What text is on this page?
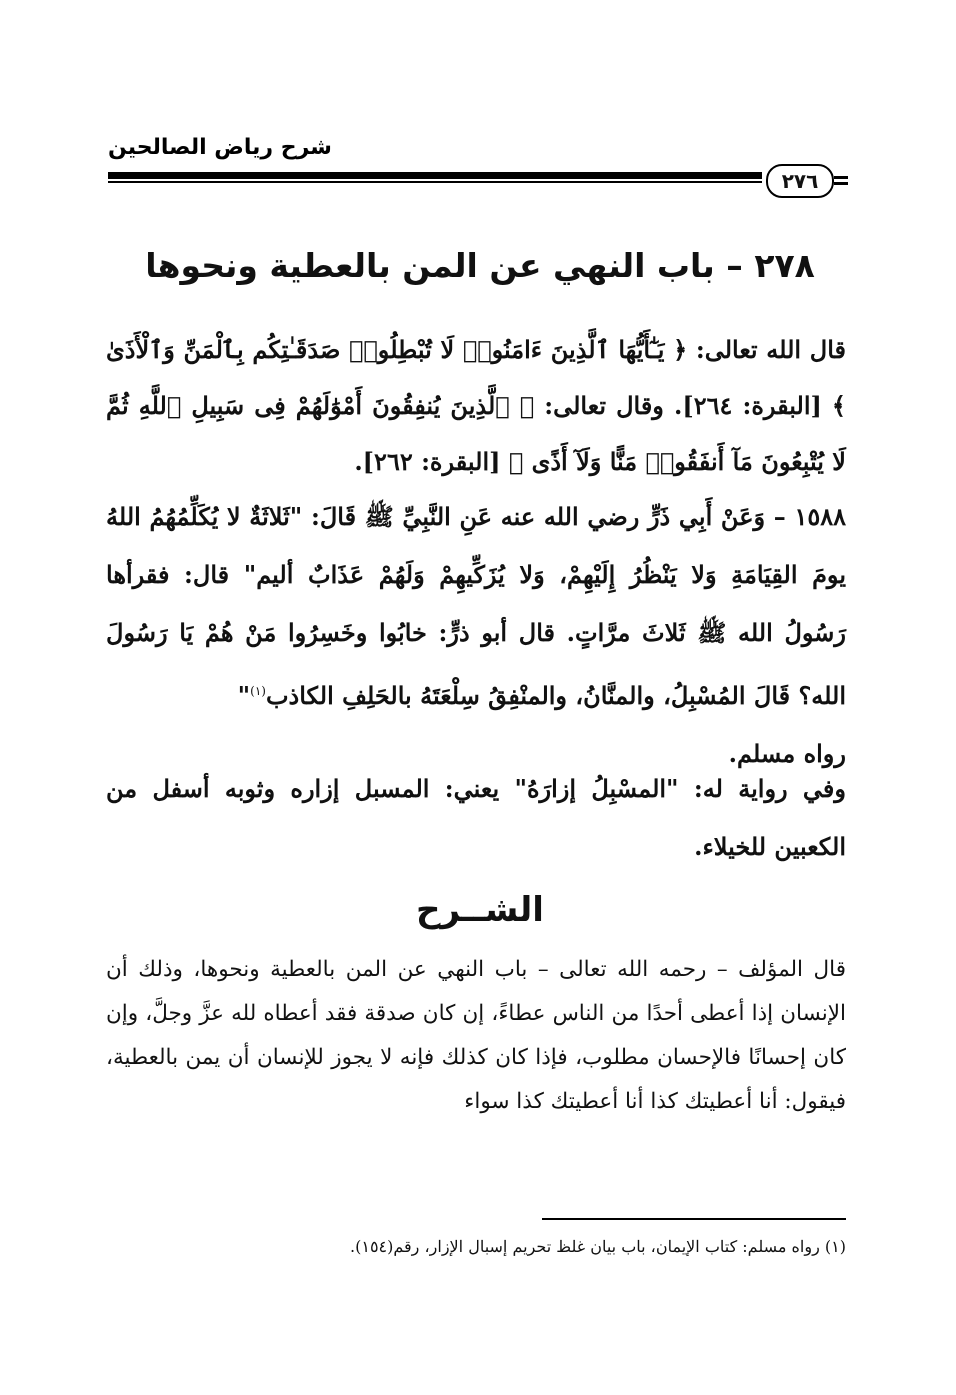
شرح رياض الصالحين
٢٧٦
٢٧٨ – باب النهي عن المن بالعطية ونحوها

قال الله تعالى: ﴿ يَـٰٓأَيُّهَا ٱلَّذِينَ ءَامَنُوا۟ لَا تُبْطِلُوا۟ صَدَقَـٰتِكُم بِٱلْمَنِّ وَٱلْأَذَىٰ ﴾ [البقرة: ٢٦٤]. وقال تعالى: ﴿ ٱلَّذِينَ يُنفِقُونَ أَمْوَٰلَهُمْ فِى سَبِيلِ ٱللَّهِ ثُمَّ لَا يُتْبِعُونَ مَآ أَنفَقُوا۟ مَنًّا وَلَآ أَذًى ﴾ [البقرة: ٢٦٢].

١٥٨٨ – وَعَنْ أَبِي ذَرٍّ رضي الله عنه عَنِ النَّبِيِّ ﷺ قَالَ: "ثَلاثَةٌ لا يُكَلِّمُهُمُ اللهُ يومَ القِيَامَةِ وَلا يَنْظُرُ إِلَيْهِمْ، وَلا يُزَكِّيهِمْ وَلَهُمْ عَذَابٌ أليم" قال: فقرأها رَسُولُ الله ﷺ ثَلاثَ مرَّاتٍ. قال أبو ذرٍّ: خابُوا وخَسِرُوا مَنْ هُمْ يَا رَسُولَ الله؟ قَالَ المُسْبِلُ، والمنَّانُ، والمنْفِقُ سِلْعَتَهُ بالحَلِفِ الكاذب$^{(١)}$"

رواه مسلم.

وفي رواية له: "المسْبِلُ إزارَهُ" يعني: المسبل إزاره وثوبه أسفل من الكعبين للخيلاء.

الشــرح

قال المؤلف – رحمه الله تعالى – باب النهي عن المن بالعطية ونحوها، وذلك أن الإنسان إذا أعطى أحدًا من الناس عطاءً، إن كان صدقة فقد أعطاه لله عزَّ وجلَّ، وإن كان إحسانًا فالإحسان مطلوب، فإذا كان كذلك فإنه لا يجوز للإنسان أن يمن بالعطية، فيقول: أنا أعطيتك كذا أنا أعطيتك كذا سواء

(١) رواه مسلم: كتاب الإيمان، باب بيان غلظ تحريم إسبال الإزار، رقم(١٥٤).
